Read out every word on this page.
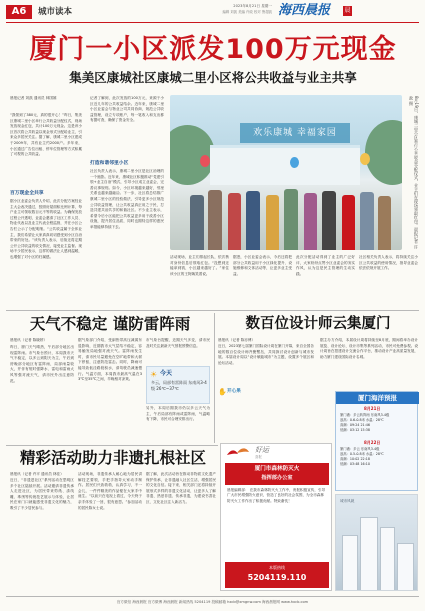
A6	城市读本
2023年8月21日 星期一
编辑 刘凯 美编 许政 校对 鲁超凯 海西晨报	晨
厦门一小区派发100万元现金
集美区康城社区康城二里小区将公共收益与业主共享
晨报记者 刘凯 通讯员 林国雄
“我领到了380元，真的很开心！”昨日，集美区康城二里小区举行公共收益分配仪式，现场发放现金红包，共计100万元现金。这是该小区首次将公共收益以现金形式分配给业主，引来众多居民关注。据了解，康城二里小区建成于2009年，共有业主约2000户。多年来，小区通过广告位出租、停车位管理等方式积累了可观的公共收益。
百万现金全共享
据小区业委会负责人介绍，此次分配方案经业主大会表决通过，按照房屋面积比例计算，每户业主可领取数百元不等的收益。为确保发放过程公开透明，业委会邀请了社区工作人员、物业代表以及业主代表全程监督，并在小区公告栏公示了分配明细。“公共收益属于全体业主，我们希望让大家真真切切感受到小区自治带来的好处。”该负责人表示，后续还将定期公开公共收益的收支情况，接受业主监督。现场不少居民表示，这样的做法让人感到温暖，也增强了对小区的归属感。
记者了解到，此次发放的100万元，来源于小区近几年的公共收益结余。近年来，康城二里小区业委会与物业公司共同协商，规范公共收益管理，设立专项账户，每一笔收入和支出都有据可查，确保了资金安全。
打造和谐邻里小区
社区负责人表示，康城二里小区是社区治理的一个缩影。近年来，康城社区积极推动“党建引领+业主自治”模式，引导小区成立业委会，完善议事规则。如今，小区环境越来越好，邻里关系也越来越融洽。下一步，社区将总结推广康城二里小区的经验做法，引导更多小区规范公共收益管理，让公共收益真正用之于民，打造共建共治共享的和谐社区。不少业主表示，希望今后小区能把公共收益更多用于改善小区设施，提升居住品质，同时也期待这样的惠民举措能够持续下去。
欢乐康城 幸福家园	8月19日，康城二里小区举行公共收益分配仪式，业主们在现场领取红包。晨报记者 许政 摄
活动现场，业主们排起长队，依次核对身份信息后领取红包。“没想到还能拿到钱，小区越来越好了。”家住该小区的王阿姨笑着说。
据悉，小区业委会表示，今后还将把部分公共收益用于小区绿化提升、设施维修和文体活动等，让更多业主受益。
此次分配活动得到了业主的广泛好评，大家纷纷点赞小区业委会的务实作风，认为这是民主管理的生动实践。
社区相关负责人表示，将持续关注小区公共收益的使用情况，指导业委会依法依规开展工作。
天气不稳定 谨防雷阵雨
晨报讯（记者 陈晓婷）
昨日，厦门天气晴热，午后部分地区出现雷阵雨。市气象台预计，本周我市天气不稳定，以多云到阴天为主，午后到傍晚部分地区有雷阵雨，局部雨量较大，并伴有短时强降水、雷电和雷雨大风等强对流天气，请市民外出注意防范。
据气象部门介绍，受副热带高压减弱东退影响，近期我市大气层结不稳定，容易触发局地强对流天气。雷阵雨发生时，请市民尽量避免在空旷地带和大树下停留，注意防范雷击。同时，降雨可能导致低洼路段积水，请驾驶员减速慢行。气温方面，本周我市最高气温在33℃至35℃之间，早晚相对凉爽。
市气象台提醒，近期天气多变，请市民及时关注最新天气预报预警信息。
☀ 今天
多云，局部有雷阵雨 东南风3-4级 26℃~37℃
另外，本周后期我市仍以多云天气为主，午后局部有阵雨或雷阵雨，气温略有下降，市民可合理安排出行。
数百位设计师云集厦门
晨报讯（记者 陈亦博）
近日，2023第七届厦门国际设计周在厦门开幕，来自全国各地的数百位设计师齐聚鹭岛，共同探讨设计创新与城市发展。本届设计周以“设计赋能城市”为主题，设置多个展区和论坛活动。
据主办方介绍，本届设计周将持续至8月底，期间将举办设计展览、设计论坛、设计市集等系列活动，市民可免费参观。设计周旨在搭建设计交流合作平台，推动设计产业高质量发展，助力厦门建设国际设计名城。
✋ 开心果
厦门海洋预报
8月21日
厦门港：多云转阵雨 东南风3-4级
浪高：0.6-0.8米 水温：28℃
高潮：09:24 21:46
低潮：03:12 15:38
8月22日
厦门港：多云 东南风3-4级
浪高：0.5-0.8米 水温：28℃
高潮：10:02 22:18
低潮：03:48 16:10
精彩活动助力非遗扎根社区
晨报讯（记者 许平 通讯员 林佳）
近日，“非遗进社区”系列活动在思明区多个社区陆续开展。活动邀请非遗传承人走进社区，为居民带来剪纸、漆线雕、珠绣等传统技艺展示与体验，让居民在家门口就能感受非遗文化的魅力，吸引了不少居民参与。
活动现场，非遗传承人耐心地为居民讲解技艺要领，手把手指导大家动手制作。居民们兴致勃勃，认真学习，不一会儿，一件件精美的作品便在大家手中诞生。“以前只在电视上看过，今天终于亲手体验了一回，很有意思。”参加活动的居民陈女士说。
据了解，此次活动旨在推动非物质文化遗产保护传承，让非遗融入社区生活，增强居民的文化自信。接下来，相关部门还将持续开展形式多样的非遗文化活动，让更多人了解非遗、热爱非遗、传承非遗，为建设书香社区、文化社区注入新活力。
好运
喜报
厦门市森林防灭火
指挥部办公室
晨报编辑部： 在我市森林防灭火工作中，贵报积极宣传，引导广大市民增强防火意识，营造了良好的社会氛围，为全市森林防灭火工作作出了积极贡献。特致谢忱！
本版热线
5204119.110
城市风貌
官方微信 海西晨报 官方微博 海西晨报 新闻热线 5204119 投稿邮箱 hxcb@xmgnw.com 海西晨报网 www.hxcb.com
